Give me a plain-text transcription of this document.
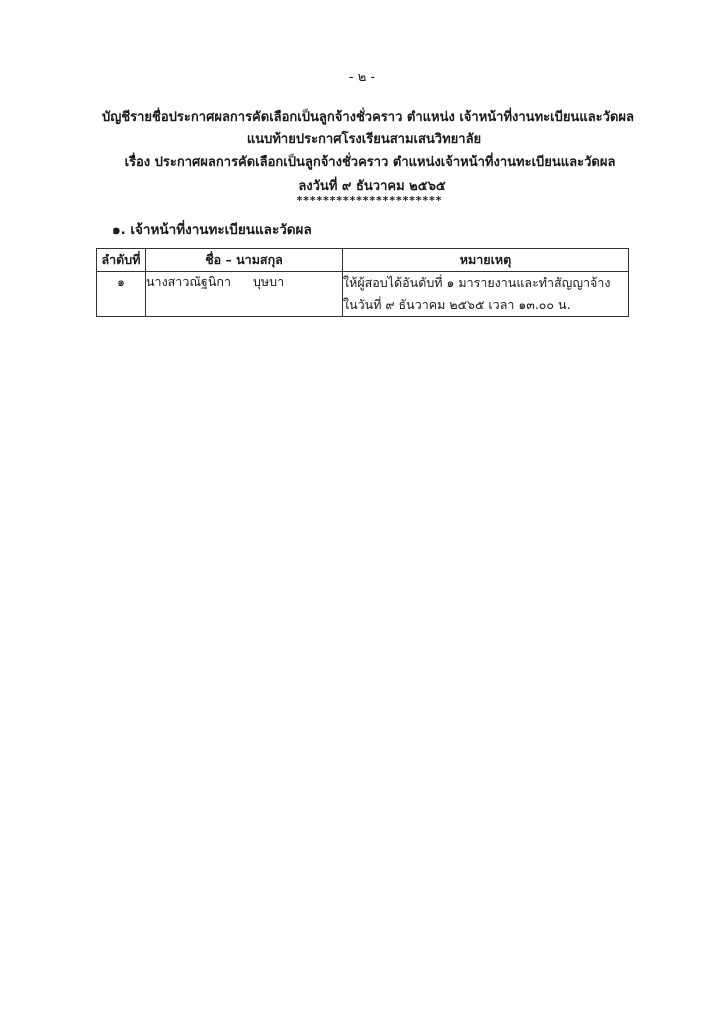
- ๒ -
บัญชีรายชื่อประกาศผลการคัดเลือกเป็นลูกจ้างชั่วคราว ตำแหน่ง เจ้าหน้าที่งานทะเบียนและวัดผล
แนบท้ายประกาศโรงเรียนสามเสนวิทยาลัย
เรื่อง ประกาศผลการคัดเลือกเป็นลูกจ้างชั่วคราว ตำแหน่งเจ้าหน้าที่งานทะเบียนและวัดผล
ลงวันที่ ๙ ธันวาคม ๒๕๖๕
**********************
๑. เจ้าหน้าที่งานทะเบียนและวัดผล
ลำดับที่	ชื่อ – นามสกุล	หมายเหตุ
๑	นางสาวณัฐนิกา บุษบา	ให้ผู้สอบได้อันดับที่ ๑ มารายงานและทำสัญญาจ้าง
ในวันที่ ๙ ธันวาคม ๒๕๖๕ เวลา ๑๓.๐๐ น.
